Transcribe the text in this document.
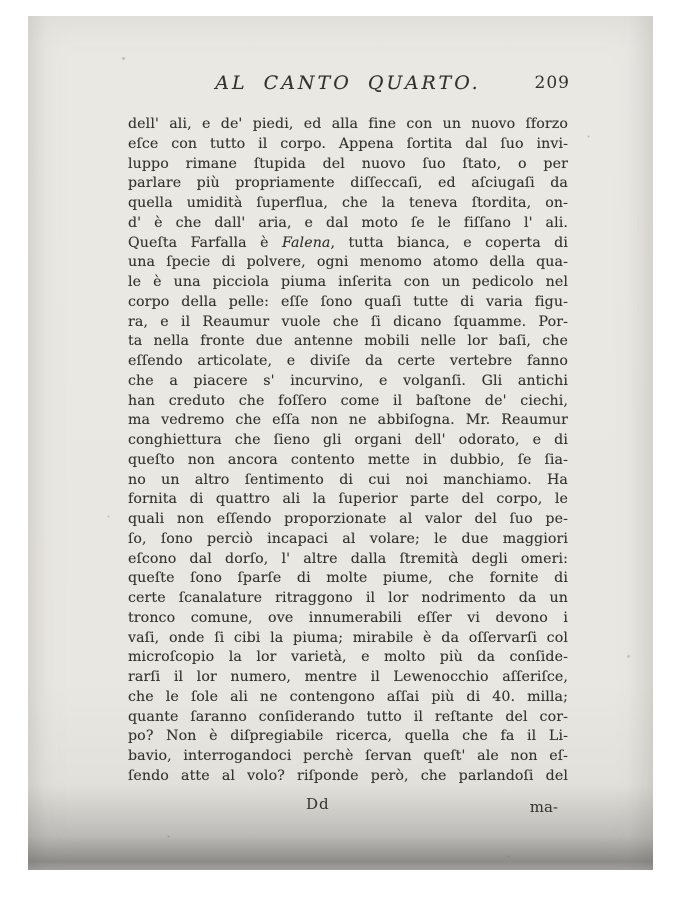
AL CANTO QUARTO.	209
dell' ali, e de' piedi, ed alla fine con un nuovo ſforzo
eſce con tutto il corpo. Appena ſortita dal ſuo invi-
luppo rimane ſtupida del nuovo ſuo ſtato, o per
parlare più propriamente diſſeccaſi, ed aſciugaſi da
quella umidità ſuperflua, che la teneva ſtordita, on-
d' è che dall' aria, e dal moto ſe le fiſſano l' ali.
Queſta Farfalla è Falena, tutta bianca, e coperta di
una ſpecie di polvere, ogni menomo atomo della qua-
le è una picciola piuma inſerita con un pedicolo nel
corpo della pelle: eſſe ſono quaſi tutte di varia figu-
ra, e il Reaumur vuole che ſi dicano ſquamme. Por-
ta nella fronte due antenne mobili nelle lor baſi, che
eſſendo articolate, e diviſe da certe vertebre fanno
che a piacere s' incurvino, e volganſi. Gli antichi
han creduto che foſſero come il baſtone de' ciechi,
ma vedremo che eſſa non ne abbiſogna. Mr. Reaumur
conghiettura che ſieno gli organi dell' odorato, e di
queſto non ancora contento mette in dubbio, ſe ſia-
no un altro ſentimento di cui noi manchiamo. Ha
fornita di quattro ali la ſuperior parte del corpo, le
quali non eſſendo proporzionate al valor del ſuo pe-
ſo, ſono perciò incapaci al volare; le due maggiori
eſcono dal dorſo, l' altre dalla ſtremità degli omeri:
queſte ſono ſparſe di molte piume, che fornite di
certe ſcanalature ritraggono il lor nodrimento da un
tronco comune, ove innumerabili eſſer vi devono i
vaſi, onde ſi cibi la piuma; mirabile è da oſſervarſi col
microſcopio la lor varietà, e molto più da conſide-
rarſi il lor numero, mentre il Lewenocchio aſſeriſce,
che le ſole ali ne contengono aſſai più di 40. milla;
quante ſaranno conſiderando tutto il reſtante del cor-
po? Non è diſpregiabile ricerca, quella che fa il Li-
bavio, interrogandoci perchè ſervan queſt' ale non eſ-
ſendo atte al volo? riſponde però, che parlandoſi del
Dd	ma-
